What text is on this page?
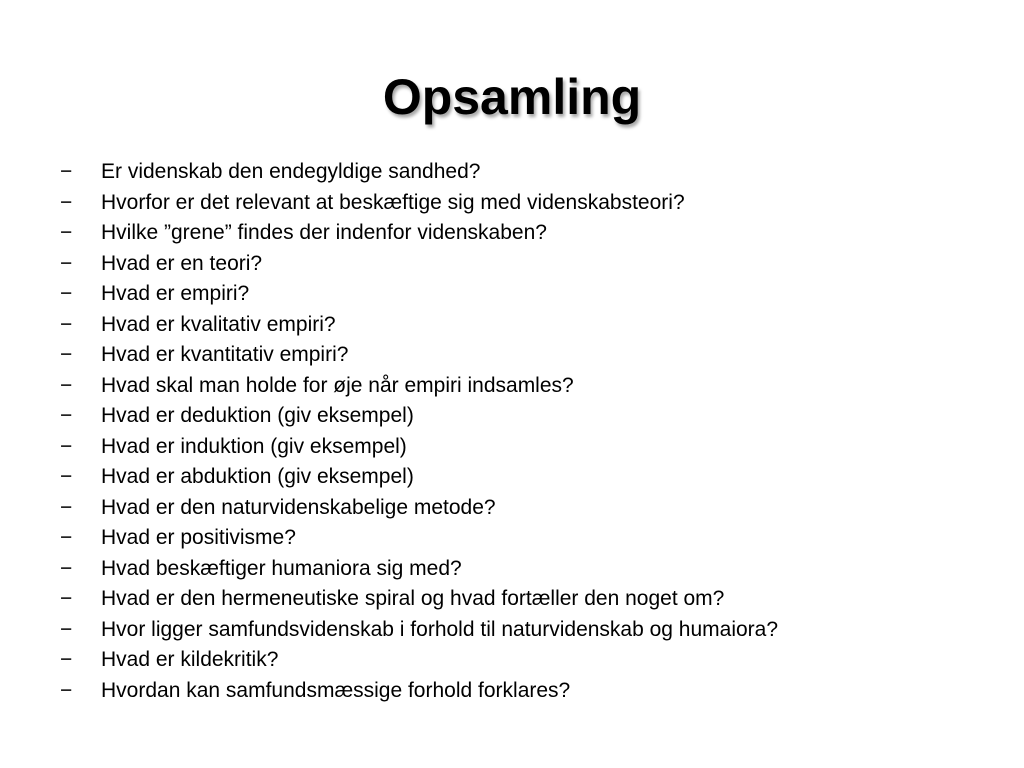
Opsamling
−	Er videnskab den endegyldige sandhed?
−	Hvorfor er det relevant at beskæftige sig med videnskabsteori?
−	Hvilke ”grene” findes der indenfor videnskaben?
−	Hvad er en teori?
−	Hvad er empiri?
−	Hvad er kvalitativ empiri?
−	Hvad er kvantitativ empiri?
−	Hvad skal man holde for øje når empiri indsamles?
−	Hvad er deduktion (giv eksempel)
−	Hvad er induktion (giv eksempel)
−	Hvad er abduktion (giv eksempel)
−	Hvad er den naturvidenskabelige metode?
−	Hvad er positivisme?
−	Hvad beskæftiger humaniora sig med?
−	Hvad er den hermeneutiske spiral og hvad fortæller den noget om?
−	Hvor ligger samfundsvidenskab i forhold til naturvidenskab og humaiora?
−	Hvad er kildekritik?
−	Hvordan kan samfundsmæssige forhold forklares?
